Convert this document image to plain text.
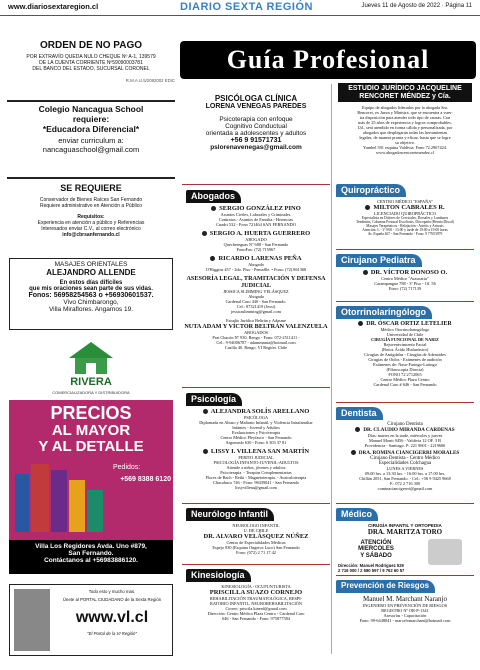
www.diariosextaregion.cl	DIARIO SEXTA REGIÓN	Jueves 11 de Agosto de 2022 · Página 11
ORDEN DE NO PAGO
POR EXTRAVÍO QUEDA NULO CHEQUE Nº A-1, 139579
DE LA CUENTA CORRIENTE Nº59090003781
DEL BANCO DEL ESTADO, SUCURSAL CORONEL
R.M.A.U.5/2082002 EDIC
Colegio Nancagua School
requiere:
*Educadora Diferencial*
enviar curriculum a:
nancaguaschool@gmail.com
SE REQUIERE
Conservador de Bienes Raíces San Fernando
Requiere administrativo en Atención a Público
Requisitos:
Experiencia en atención a público y Referencias
Interesados enviar C.V., al correo electrónico
info@cbrsanfernando.cl
MASAJES ORIENTALES
ALEJANDRO ALLENDE
En estos días difíciles
que mis oraciones sean parte de sus vidas.
Fonos: 56958254563 o +56930601537.
Vivo Chimbarongo,
Villa Miraflores. Angamos 19.
RIVERA
COMERCIALIZADORA Y DISTRIBUIDORA
PRECIOS
AL MAYOR
Y AL DETALLE
Pedidos:
+569 8388 6120
Villa Los Regidores Avda. Uno #879,
San Fernando.
Contáctanos al +56983886120.
Todo esto y mucho mas.
Únete al PORTAL CIUDADANO de la Sexta Región
www.vl.cl
"El Portal de la VI Región"
Guía Profesional
PSICÓLOGA CLÍNICA
LORENA VENEGAS PAREDES
Psicoterapia con enfoque
Cognitivo Conductual
orientada a adolescentes y adultos
+56 9 91571731
pslorenavenegas@gmail.com
Abogados
SERGIO GONZÁLEZ PINO
Asuntos Civiles, Laborales y Criminales.
Contratos.- Asuntos de Familia.- Herencias
Cuadri 532 - Fono 721464 SAN FERNANDO
SERGIO A. HUERTA GUERRERO
ABOGADO
Quechereguas Nº 688 - San Fernando
FonoFax: (72) 715967
RICARDO LARENAS PEÑA
Abogado
O'Higgins 457 - 2do. Piso - Pemaflle. • Fono: (72) 861368
ASESORÍA LEGAL, TRAMITACIÓN Y DEFENSA JUDICIAL
JESSICA SLIMMING VELÁSQUEZ
Abogada
Cardenal Caro 440 - San Fernando.
Cel.: 87321419 (Jessi)
jessicaslimming@gmail.com
Estudio Jurídico Beltrán y Adasme
NUTA ADAM Y VÍCTOR BELTRÁN VALENZUELA
ABOGADOS
Prat Chacón Nº 930, Rengo - Fono: 072-2511411 -
Cel.: 9-94006787 - adammnnia@hotmail.com
Casilla 40. Rengo. VI Región. Chile
Psicología
ALEJANDRA SOLÍS ARELLANO
PSICÓLOGA
Diplomada en Abuso y Maltrato Infantil, y Violencia Intrafamiliar
Infantes - Juvenil y Adultos
Evaluaciones y Psicoterapia
Centro Médico Pleyfasco - San Fernando
Argomedo 630 - Fono: 6 303 37 81
LISSY I. VILLENA SAN MARTÍN
PERITO JUDICIAL
PSICOLOGÍA INFANTO-JUVENIL-ADULTOS
Atiende a niños, jóvenes y adultos
Psicoterapia. - Terapias Complementarias
Flores de Bach - Reiki - Magnetoterapia. - Auriculoterapia
Chacabuco 746 - Fono: 98439041 - San Fernando
lissyvillena@gmail.com
Neurólogo Infantil
NEUROLOGO INFANTIL
U. DE CHILE
DR. ALVARO VELÁSQUEZ NÚÑEZ
Centro de Especialidades Médicas
Espejo 830 (Esquina Ongeros Luco) San Fernando
Fono: (072) 2 71 17 42
Kinesiología
KINESIOLOGÍA - OCUPUNTURISTA
PRISCILLA SUAZO CORNEJO
REHABILITACIÓN TRAUMATOLÓGICA, RESPI-
RATORIO INFANTIL, NEUROREHABILITACIÓN
Correo: priscila.kinerd@gmail.com
Dirección: Centro Médico Plaza Centro - Cardenal Caro
646 - San Fernando - Fono: 975877584
ESTUDIO JURÍDICO JACQUELINE RENCORET MÉNDEZ y Cía.
Equipo de abogados liderados por la abogada Sra.
Rencoret, ex Jueza y Ministra, que se encuentra a vues-
tra disposición para atender todo tipo de causas. Con
más de 25 años de experiencia y logros comprobables,
Ud., será atendido en forma cálida y personalizada, por
abogados que desplegarán todas las herramientas
legales, de manera pronta y eficaz, hasta que se logre
su objetivo.
Yumbel 591 esquina Valdivia. Fono 72.2967424.
www.abogadosrencoretmendez.cl
Quiropráctico
CENTRO MÉDICO "ESPAÑA"
MILTON CABRALES R.
LICENCIADO QUIROPRÁCTICO
Especialista en Dolores de Cervicales, Dorsales y Lumbares
Tendinitis, Columna Postural Escoliosis, Discopatía (Hernia Discal)
Masajes Terapéuticos - Relajación - Artritis y Artrosis
Atención: L - V 9:00 - 13:00 y tarde de 19:00 a 19:00 horas
Av. España 467 - San Fernando - Fono: 9 77653979
Cirujano Pediatra
DR. VÍCTOR DONOSO O.
Centro Médico "Araucaria"
Carampangue 788 - 3º Piso - Of. 56
Fono: (72) 717139
Otorrinolaringólogo
DR. ÓSCAR ORTIZ LETELIER
Médico Otorrinolaringólogo
Universidad de Chile
CIRUGÍA FUNCIONAL DE NARIZ
Rejuvenecimiento Facial
(Botox Ácido Hialurónico)
Cirugías de Amígdalas - Cirugías de Adenoides
Cirugías de Oídos - Exámenes de audición
Exámenes de: Naso-Faringo-Laringo
(Fibroscopía Directa)
FONO 72 2712065
Centro Médico Plaza Centro
Cardenal Caro # 646 - San Fernando
Dentista
Cirujano Dentista
DR. CLAUDIO MIRANDA CARDENAS
Días: martes en la tarde, miércoles y jueves
Manuel Montt 0456 - Valdivia 12 OF. 3 B
Providencia - Santiago. P: 221 9601 - 2219606
DRA. ROMINA CIANCIGERRI MORALES
Cirujano Dentista - Centro Médico
Especialidades Colchagua
LUNES A VIERNES
09:00 hrs. a 13:30 hrs. - 16:00 hrs. a 17:00 hrs.
Chillán 2051, San Fernando. - Cel.: +56 9 9425 9668
F.: 072 2 716 300
cominaciancigerrri@gmail.com
Médico
CIRUGÍA INFANTIL Y ORTOPEDIA
DRA. MARITZA TORO
ATENCIÓN
MIERCOLES
Y SÁBADO
Dirección: Manuel Rodríguez 529
2 716 000 / 2 580 597 / 9 762 60 57
Prevención de Riesgos
Manuel M. Marchant Naranjo
INGENIERO EN PREVENCIÓN DE RIESGOS
REGISTRO Nº OR-P-1341
Asesorías - Capacitación
Fono: 99-6448841 - marcelomarchant@hotmail.com
